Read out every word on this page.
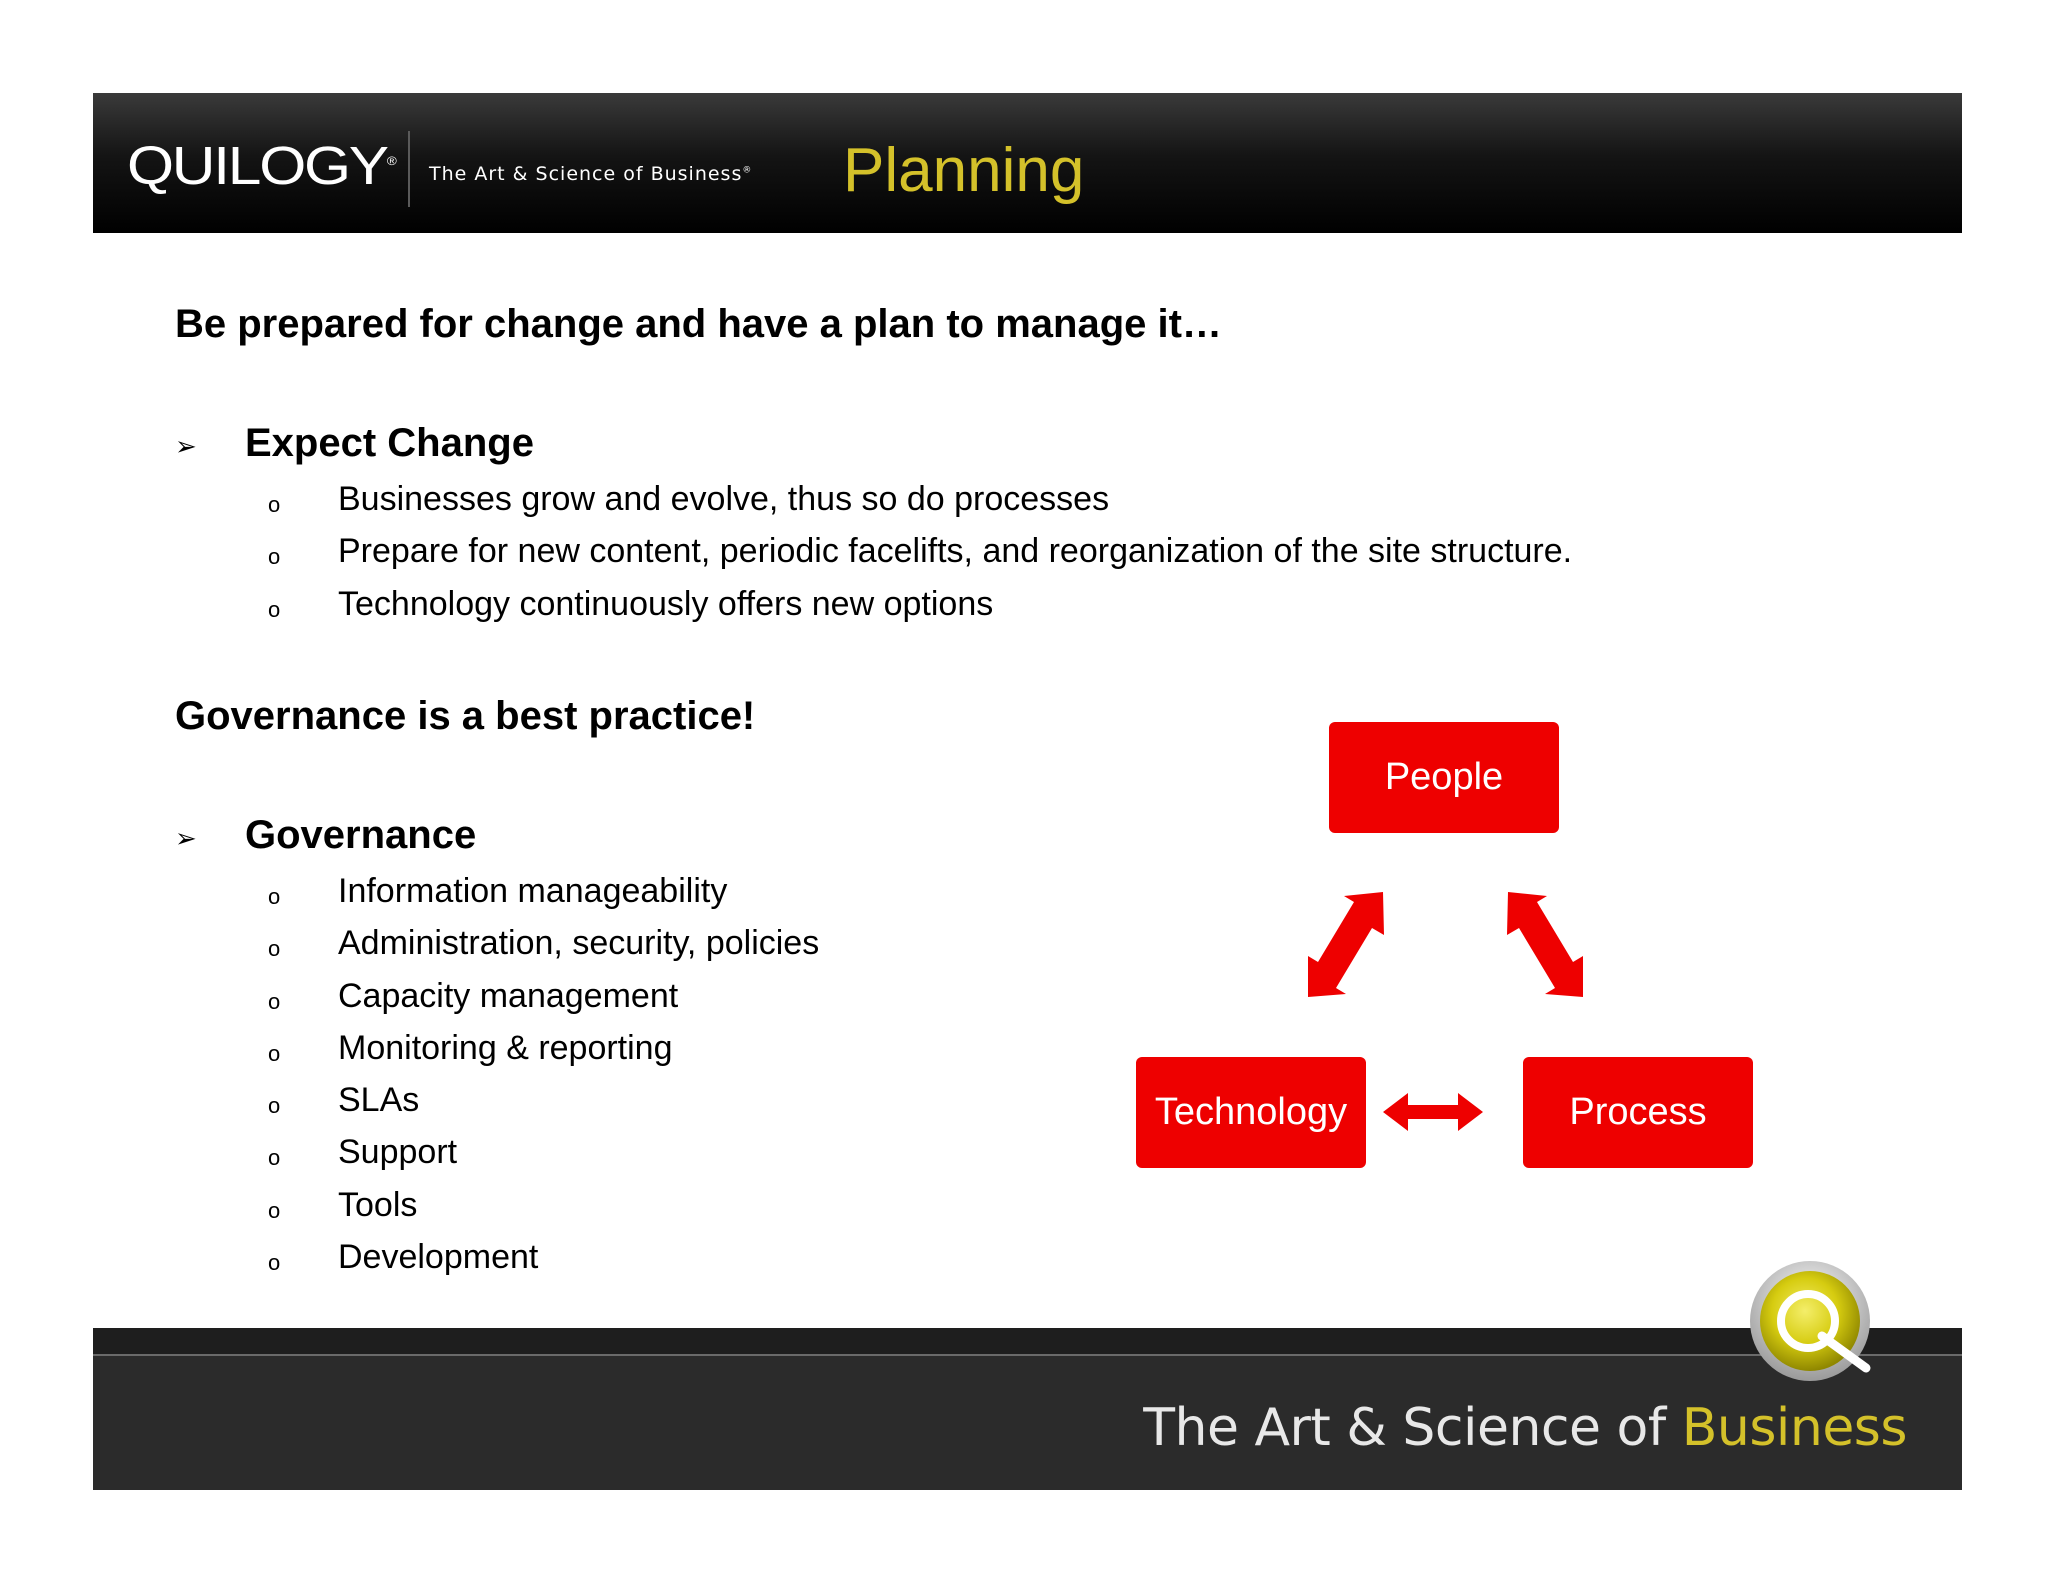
QUILOGY®
The Art & Science of Business® Planning
Be prepared for change and have a plan to manage it…
➢ Expect Change
o Businesses grow and evolve, thus so do processes
o Prepare for new content, periodic facelifts, and reorganization of the site structure.
o Technology continuously offers new options
Governance is a best practice!
➢ Governance
o Information manageability
o Administration, security, policies
o Capacity management
o Monitoring & reporting
o SLAs
o Support
o Tools
o Development
People
Technology	Process
The Art & Science of Business
